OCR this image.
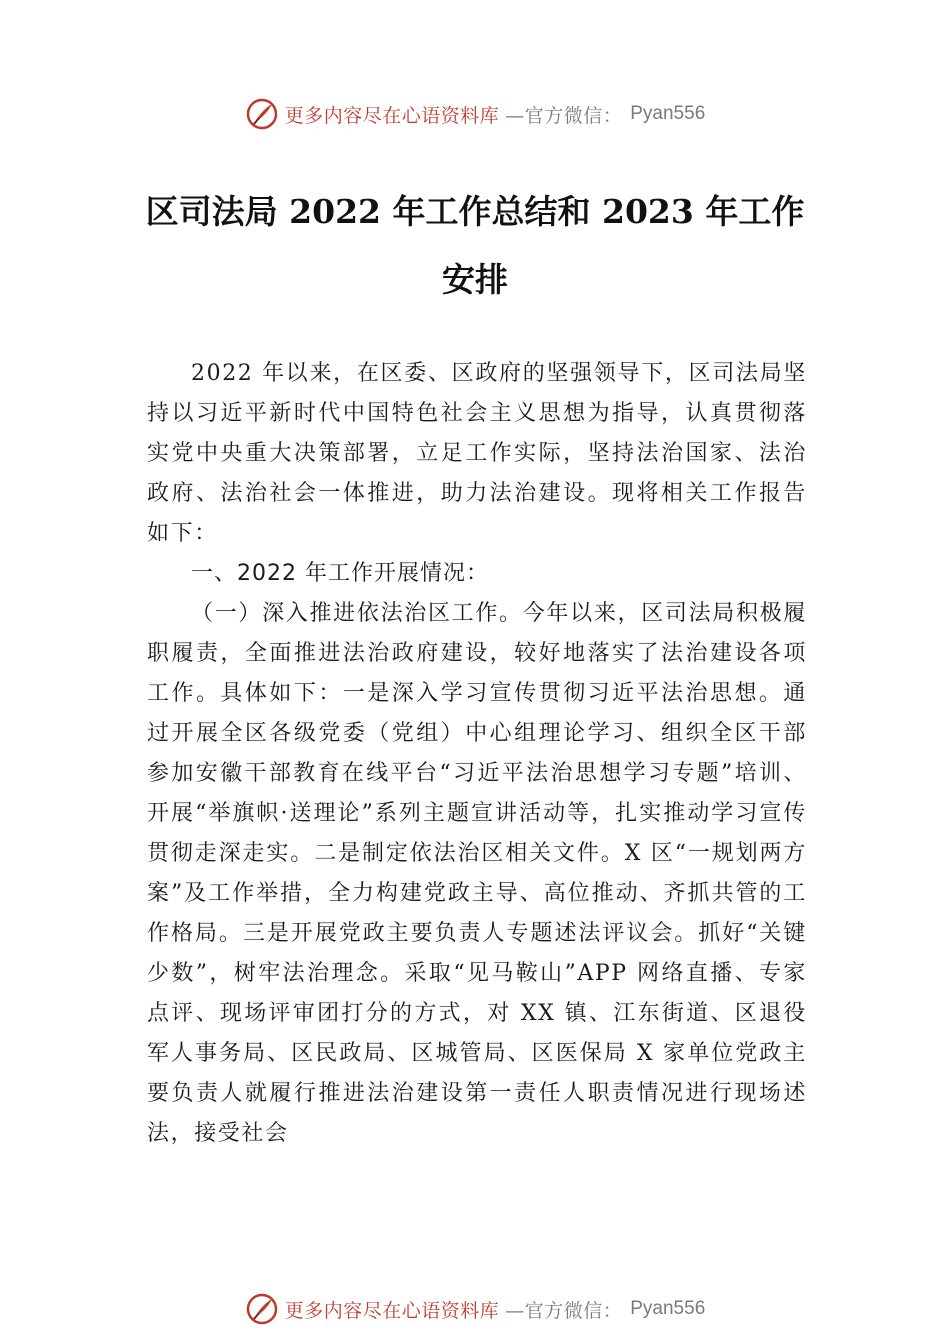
更多内容尽在心语资料库 —官方微信： Pyan556
区司法局 2022 年工作总结和 2023 年工作
安排

2022 年以来，在区委、区政府的坚强领导下，区司法局坚持以习近平新时代中国特色社会主义思想为指导，认真贯彻落实党中央重大决策部署，立足工作实际，坚持法治国家、法治政府、法治社会一体推进，助力法治建设。现将相关工作报告如下：

一、2022 年工作开展情况：

（一）深入推进依法治区工作。今年以来，区司法局积极履职履责，全面推进法治政府建设，较好地落实了法治建设各项工作。具体如下：一是深入学习宣传贯彻习近平法治思想。通过开展全区各级党委（党组）中心组理论学习、组织全区干部参加安徽干部教育在线平台“习近平法治思想学习专题”培训、开展“举旗帜·送理论”系列主题宣讲活动等，扎实推动学习宣传贯彻走深走实。二是制定依法治区相关文件。X 区“一规划两方案”及工作举措，全力构建党政主导、高位推动、齐抓共管的工作格局。三是开展党政主要负责人专题述法评议会。抓好“关键少数”，树牢法治理念。采取“见马鞍山”APP 网络直播、专家点评、现场评审团打分的方式，对 XX 镇、江东街道、区退役军人事务局、区民政局、区城管局、区医保局 X 家单位党政主要负责人就履行推进法治建设第一责任人职责情况进行现场述法，接受社会

更多内容尽在心语资料库 —官方微信： Pyan556
